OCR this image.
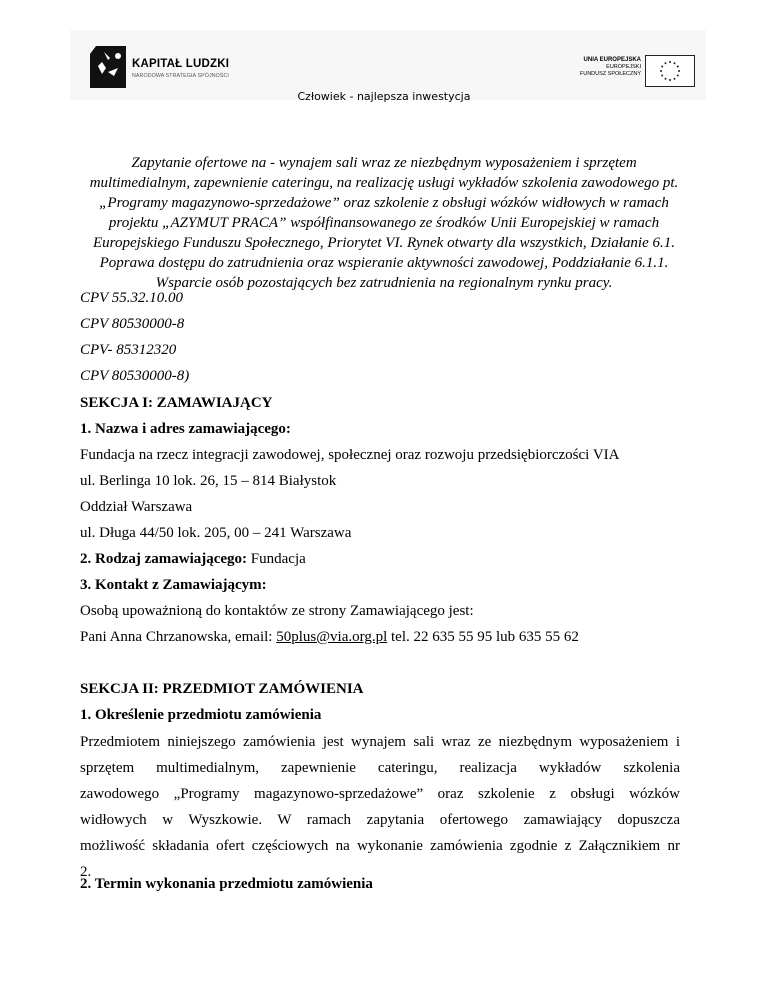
KAPITAŁ LUDZKI
NARODOWA STRATEGIA SPÓJNOŚCI
UNIA EUROPEJSKA
EUROPEJSKI
FUNDUSZ SPOŁECZNY
Człowiek - najlepsza inwestycja
Zapytanie ofertowe na - wynajem sali wraz ze niezbędnym wyposażeniem i sprzętem
multimedialnym, zapewnienie cateringu, na realizację usługi wykładów szkolenia zawodowego pt.
„Programy magazynowo-sprzedażowe” oraz szkolenie z obsługi wózków widłowych w ramach
projektu „AZYMUT PRACA” współfinansowanego ze środków Unii Europejskiej w ramach
Europejskiego Funduszu Społecznego, Priorytet VI. Rynek otwarty dla wszystkich, Działanie 6.1.
Poprawa dostępu do zatrudnienia oraz wspieranie aktywności zawodowej, Poddziałanie 6.1.1.
Wsparcie osób pozostających bez zatrudnienia na regionalnym rynku pracy.
CPV 55.32.10.00
CPV 80530000-8
CPV- 85312320
CPV 80530000-8)
SEKCJA I: ZAMAWIAJĄCY
1. Nazwa i adres zamawiającego:
Fundacja na rzecz integracji zawodowej, społecznej oraz rozwoju przedsiębiorczości VIA
ul. Berlinga 10 lok. 26, 15 – 814 Białystok
Oddział Warszawa
ul. Długa 44/50 lok. 205, 00 – 241 Warszawa
2. Rodzaj zamawiającego: Fundacja
3. Kontakt z Zamawiającym:
Osobą upoważnioną do kontaktów ze strony Zamawiającego jest:
Pani Anna Chrzanowska, email: 50plus@via.org.pl tel. 22 635 55 95 lub 635 55 62
SEKCJA II: PRZEDMIOT ZAMÓWIENIA
1. Określenie przedmiotu zamówienia
Przedmiotem niniejszego zamówienia jest wynajem sali wraz ze niezbędnym wyposażeniem i
sprzętem multimedialnym, zapewnienie cateringu, realizacja wykładów szkolenia
zawodowego „Programy magazynowo-sprzedażowe” oraz szkolenie z obsługi wózków
widłowych w Wyszkowie. W ramach zapytania ofertowego zamawiający dopuszcza
możliwość składania ofert częściowych na wykonanie zamówienia zgodnie z Załącznikiem nr
2.
2. Termin wykonania przedmiotu zamówienia
